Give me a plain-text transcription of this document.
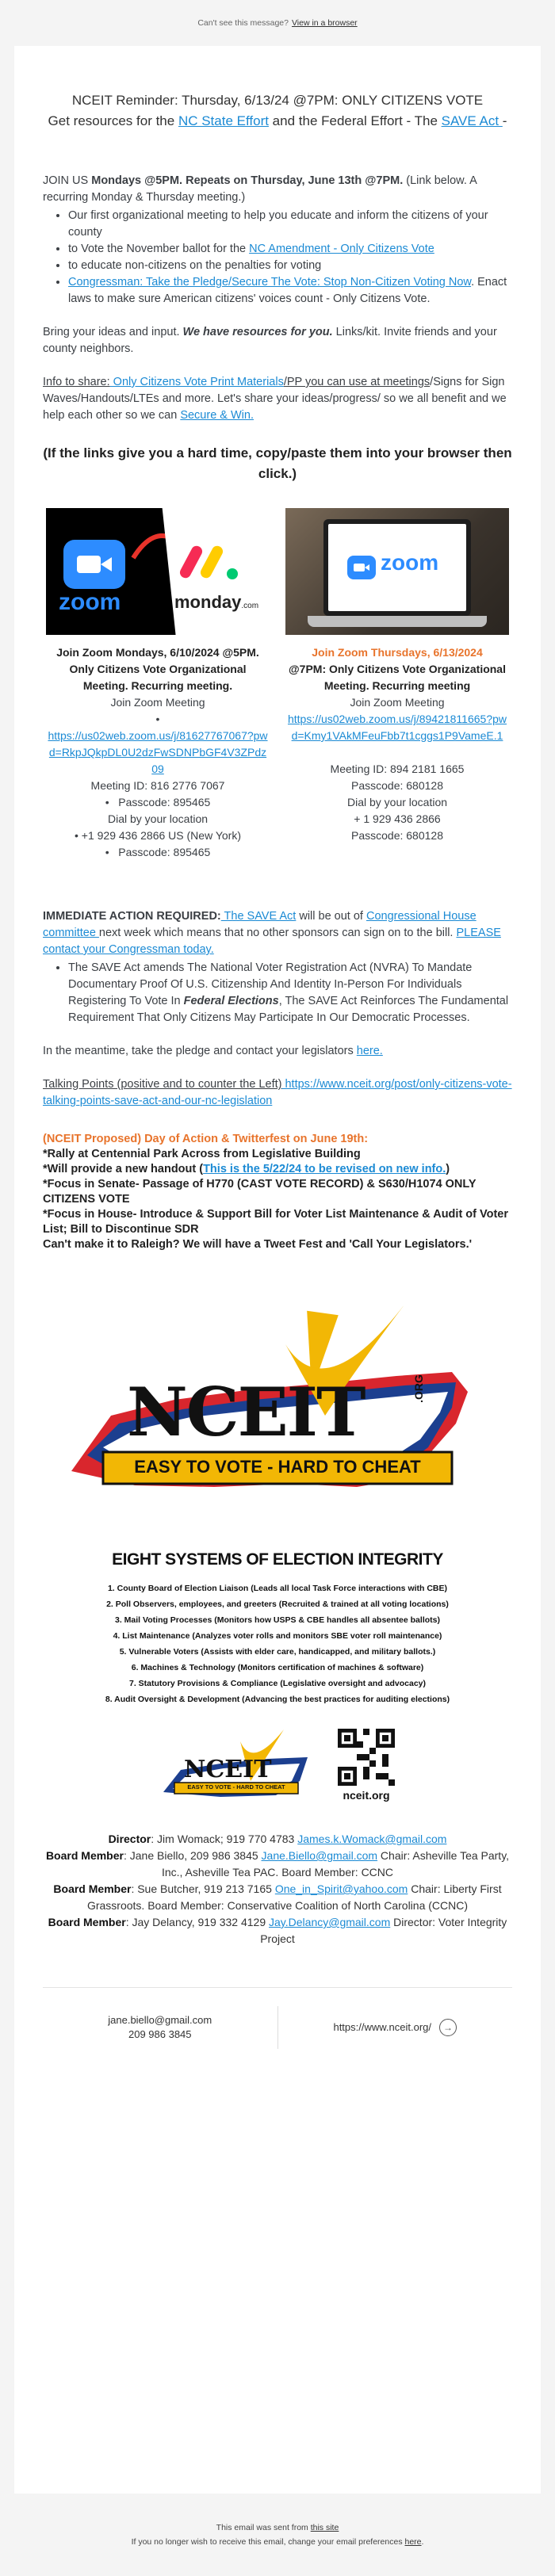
Can't see this message? View in a browser
NCEIT Reminder: Thursday, 6/13/24 @7PM: ONLY CITIZENS VOTE
Get resources for the NC State Effort and the Federal Effort - The SAVE Act -
JOIN US Mondays @5PM. Repeats on Thursday, June 13th @7PM. (Link below. A recurring Monday & Thursday meeting.)
• Our first organizational meeting to help you educate and inform the citizens of your county
• to Vote the November ballot for the NC Amendment - Only Citizens Vote
• to educate non-citizens on the penalties for voting
• Congressman: Take the Pledge/Secure The Vote: Stop Non-Citizen Voting Now. Enact laws to make sure American citizens' voices count - Only Citizens Vote.
Bring your ideas and input. We have resources for you. Links/kit. Invite friends and your county neighbors.
Info to share: Only Citizens Vote Print Materials/PP you can use at meetings/Signs for Sign Waves/Handouts/LTEs and more. Let's share your ideas/progress/ so we all benefit and we help each other so we can Secure & Win.
(If the links give you a hard time, copy/paste them into your browser then click.)
zoom
	monday.com
Join Zoom Mondays, 6/10/2024 @5PM. Only Citizens Vote Organizational Meeting. Recurring meeting.
Join Zoom Meeting
•
https://us02web.zoom.us/j/81627767067?pwd=RkpJQkpDL0U2dzFwSDNPbGF4V3ZPdz09
Meeting ID: 816 2776 7067
•   Passcode: 895465
Dial by your location
• +1 929 436 2866 US (New York)
•   Passcode: 895465
zoom
Join Zoom Thursdays, 6/13/2024
@7PM: Only Citizens Vote Organizational Meeting. Recurring meeting
Join Zoom Meeting
https://us02web.zoom.us/j/89421811665?pwd=Kmy1VAkMFeuFbb7t1cggs1P9VameE.1
Meeting ID: 894 2181 1665
Passcode: 680128
Dial by your location
+ 1 929 436 2866
Passcode: 680128
IMMEDIATE ACTION REQUIRED: The SAVE Act will be out of Congressional House committee next week which means that no other sponsors can sign on to the bill. PLEASE contact your Congressman today.
• The SAVE Act amends The National Voter Registration Act (NVRA) To Mandate Documentary Proof Of U.S. Citizenship And Identity In-Person For Individuals Registering To Vote In Federal Elections, The SAVE Act Reinforces The Fundamental Requirement That Only Citizens May Participate In Our Democratic Processes.
In the meantime, take the pledge and contact your legislators here.
Talking Points (positive and to counter the Left) https://www.nceit.org/post/only-citizens-vote-talking-points-save-act-and-our-nc-legislation
(NCEIT Proposed) Day of Action & Twitterfest on June 19th:
*Rally at Centennial Park Across from Legislative Building
*Will provide a new handout (This is the 5/22/24 to be revised on new info.)
*Focus in Senate- Passage of H770 (CAST VOTE RECORD) & S630/H1074 ONLY CITIZENS VOTE
*Focus in House- Introduce & Support Bill for Voter List Maintenance & Audit of Voter List; Bill to Discontinue SDR
Can't make it to Raleigh? We will have a Tweet Fest and 'Call Your Legislators.'
NCEIT	.ORG
EASY TO VOTE - HARD TO CHEAT
EIGHT SYSTEMS OF ELECTION INTEGRITY
1. County Board of Election Liaison (Leads all local Task Force interactions with CBE)
2. Poll Observers, employees, and greeters (Recruited & trained at all voting locations)
3. Mail Voting Processes (Monitors how USPS & CBE handles all absentee ballots)
4. List Maintenance (Analyzes voter rolls and monitors SBE voter roll maintenance)
5. Vulnerable Voters (Assists with elder care, handicapped, and military ballots.)
6. Machines & Technology (Monitors certification of machines & software)
7. Statutory Provisions & Compliance (Legislative oversight and advocacy)
8. Audit Oversight & Development (Advancing the best practices for auditing elections)
NCEIT
EASY TO VOTE - HARD TO CHEAT
nceit.org
Director: Jim Womack; 919 770 4783 James.k.Womack@gmail.com
Board Member: Jane Biello, 209 986 3845 Jane.Biello@gmail.com Chair: Asheville Tea Party, Inc., Asheville Tea PAC. Board Member: CCNC
Board Member: Sue Butcher, 919 213 7165 One_in_Spirit@yahoo.com Chair: Liberty First Grassroots. Board Member: Conservative Coalition of North Carolina (CCNC)
Board Member: Jay Delancy, 919 332 4129 Jay.Delancy@gmail.com Director: Voter Integrity Project
jane.biello@gmail.com
209 986 3845
https://www.nceit.org/	→
This email was sent from this site
If you no longer wish to receive this email, change your email preferences here.
